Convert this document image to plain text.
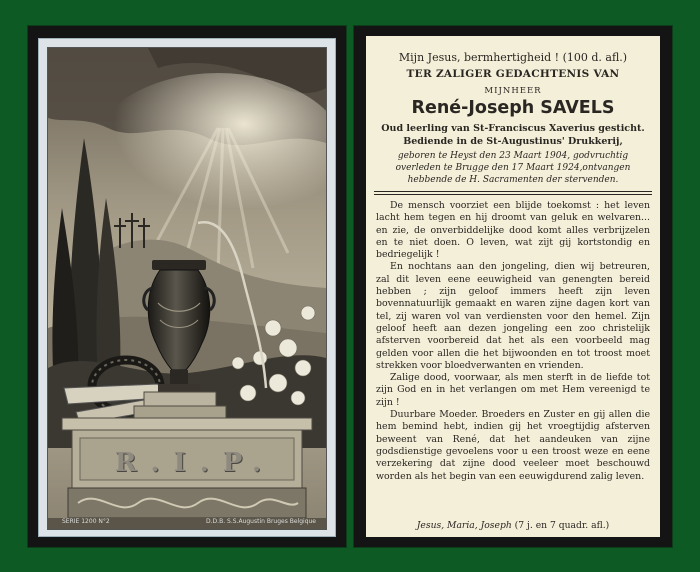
R.I.P.
SERIE 1200 N°2	D.D.B. S.S.Augustin Bruges Belgique
Mijn Jesus, bermhertigheid ! (100 d. afl.)
TER ZALIGER GEDACHTENIS VAN
MIJNHEER
René-Joseph SAVELS
Oud leerling van St-Franciscus Xaverius gesticht.
Bediende in de St-Augustinus' Drukkerij,
geboren te Heyst den 23 Maart 1904, godvruchtig
overleden te Brugge den 17 Maart 1924,ontvangen
hebbende de H. Sacramenten der stervenden.

De mensch voorziet een blijde toekomst : het leven lacht hem tegen en hij droomt van geluk en welvaren... en zie, de onverbiddelijke dood komt alles verbrijzelen en te niet doen. O leven, wat zijt gij kortstondig en bedriegelijk !

En nochtans aan den jongeling, dien wij betreuren, zal dit leven eene eeuwigheid van genengten bereid hebben ; zijn geloof immers heeft zijn leven bovennatuurlijk gemaakt en waren zijne dagen kort van tel, zij waren vol van verdiensten voor den hemel. Zijn geloof heeft aan dezen jongeling een zoo christelijk afsterven voorbereid dat het als een voorbeeld mag gelden voor allen die het bijwoonden en tot troost moet strekken voor bloedverwanten en vrienden.

Zalige dood, voorwaar, als men sterft in de liefde tot zijn God en in het verlangen om met Hem vereenigd te zijn !

Duurbare Moeder. Broeders en Zuster en gij allen die hem bemind hebt, indien gij het vroegtijdig afsterven beweent van René, dat het aandeuken van zijne godsdienstige gevoelens voor u een troost weze en eene verzekering dat zijne dood veeleer moet beschouwd worden als het begin van een eeuwigdurend zalig leven.

Jesus, Maria, Joseph (7 j. en 7 quadr. afl.)
